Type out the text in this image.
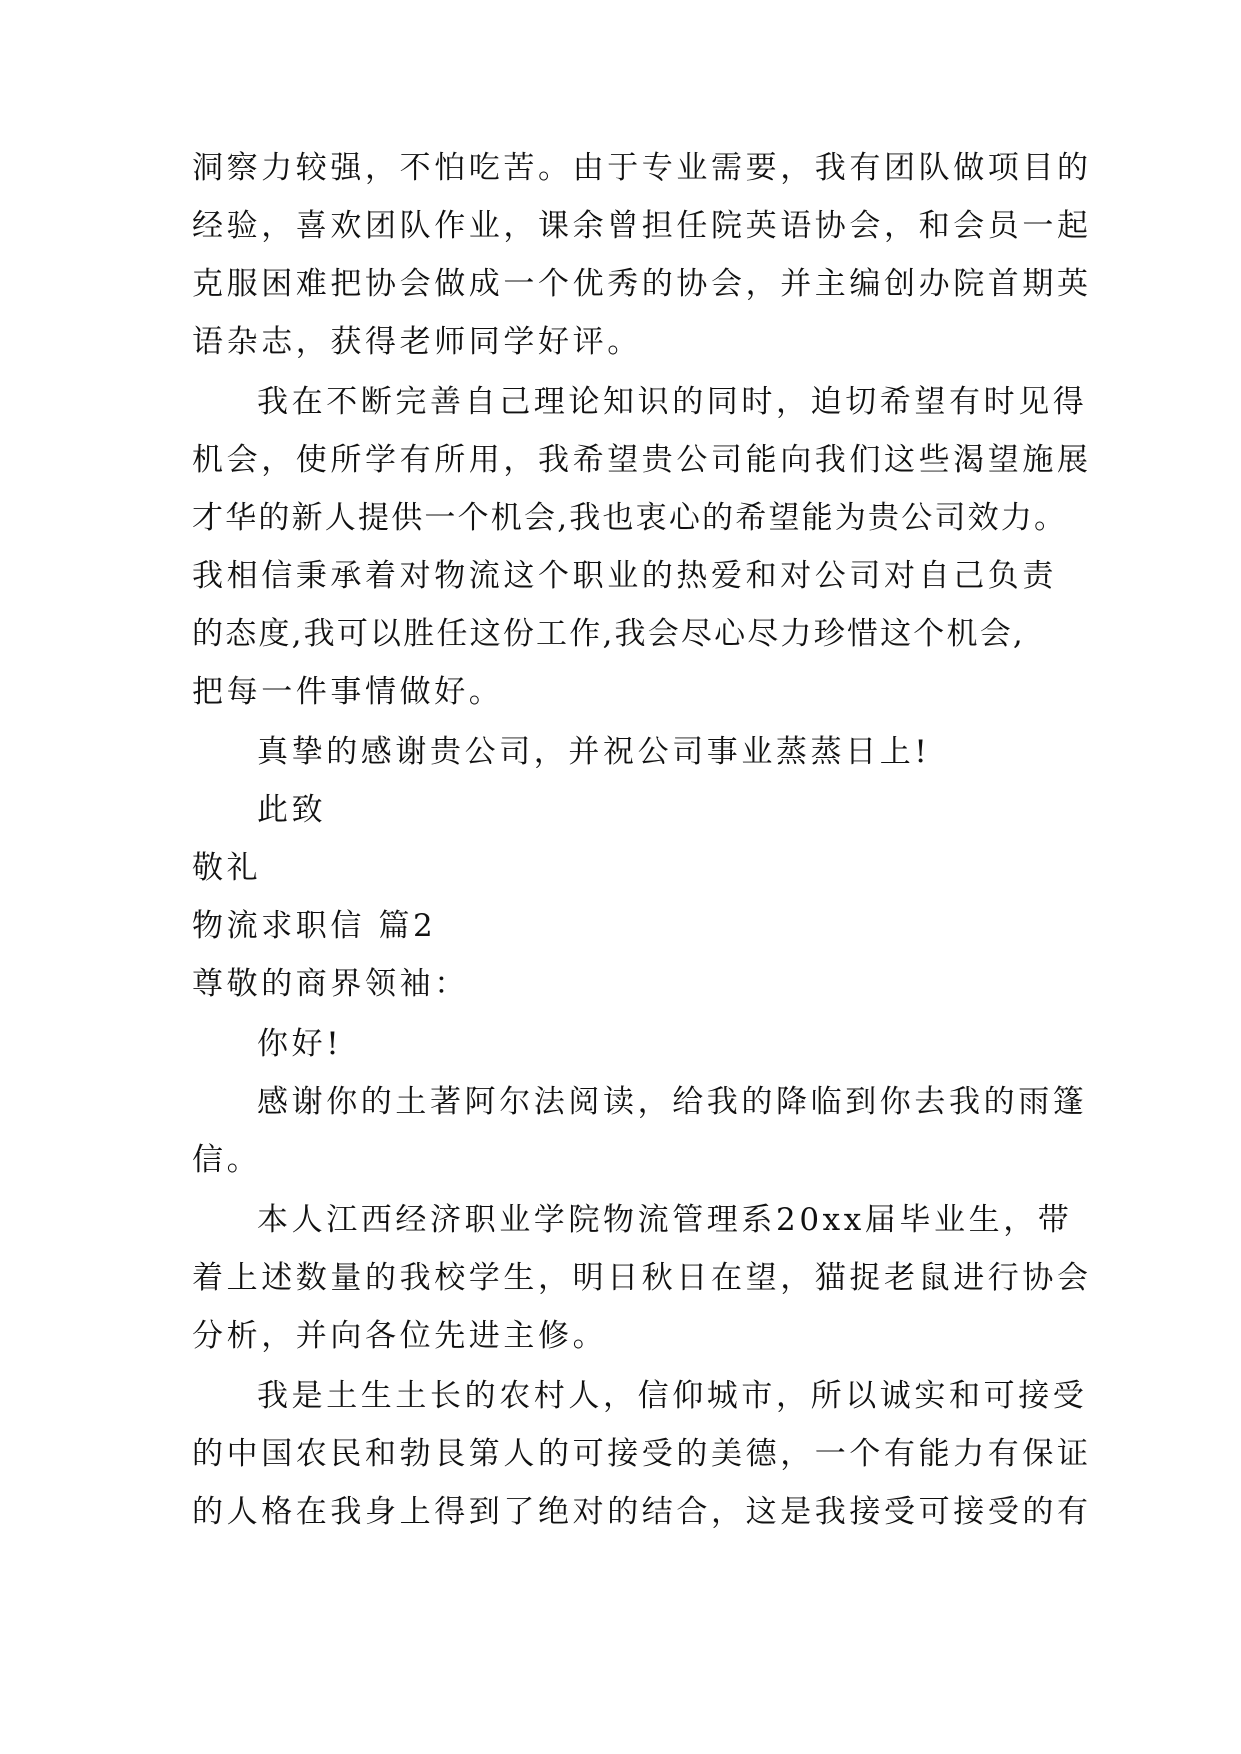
洞察力较强，不怕吃苦。由于专业需要，我有团队做项目的
经验，喜欢团队作业，课余曾担任院英语协会，和会员一起
克服困难把协会做成一个优秀的协会，并主编创办院首期英
语杂志，获得老师同学好评。
我在不断完善自己理论知识的同时，迫切希望有时见得
机会，使所学有所用，我希望贵公司能向我们这些渴望施展
才华的新人提供一个机会,我也衷心的希望能为贵公司效力。
我相信秉承着对物流这个职业的热爱和对公司对自己负责
的态度,我可以胜任这份工作,我会尽心尽力珍惜这个机会,
把每一件事情做好。
真挚的感谢贵公司，并祝公司事业蒸蒸日上!
此致
敬礼
物流求职信 篇2
尊敬的商界领袖：
你好!
感谢你的土著阿尔法阅读，给我的降临到你去我的雨篷
信。
本人江西经济职业学院物流管理系20xx届毕业生，带
着上述数量的我校学生，明日秋日在望，猫捉老鼠进行协会
分析，并向各位先进主修。
我是土生土长的农村人，信仰城市，所以诚实和可接受
的中国农民和勃艮第人的可接受的美德，一个有能力有保证
的人格在我身上得到了绝对的结合，这是我接受可接受的有
